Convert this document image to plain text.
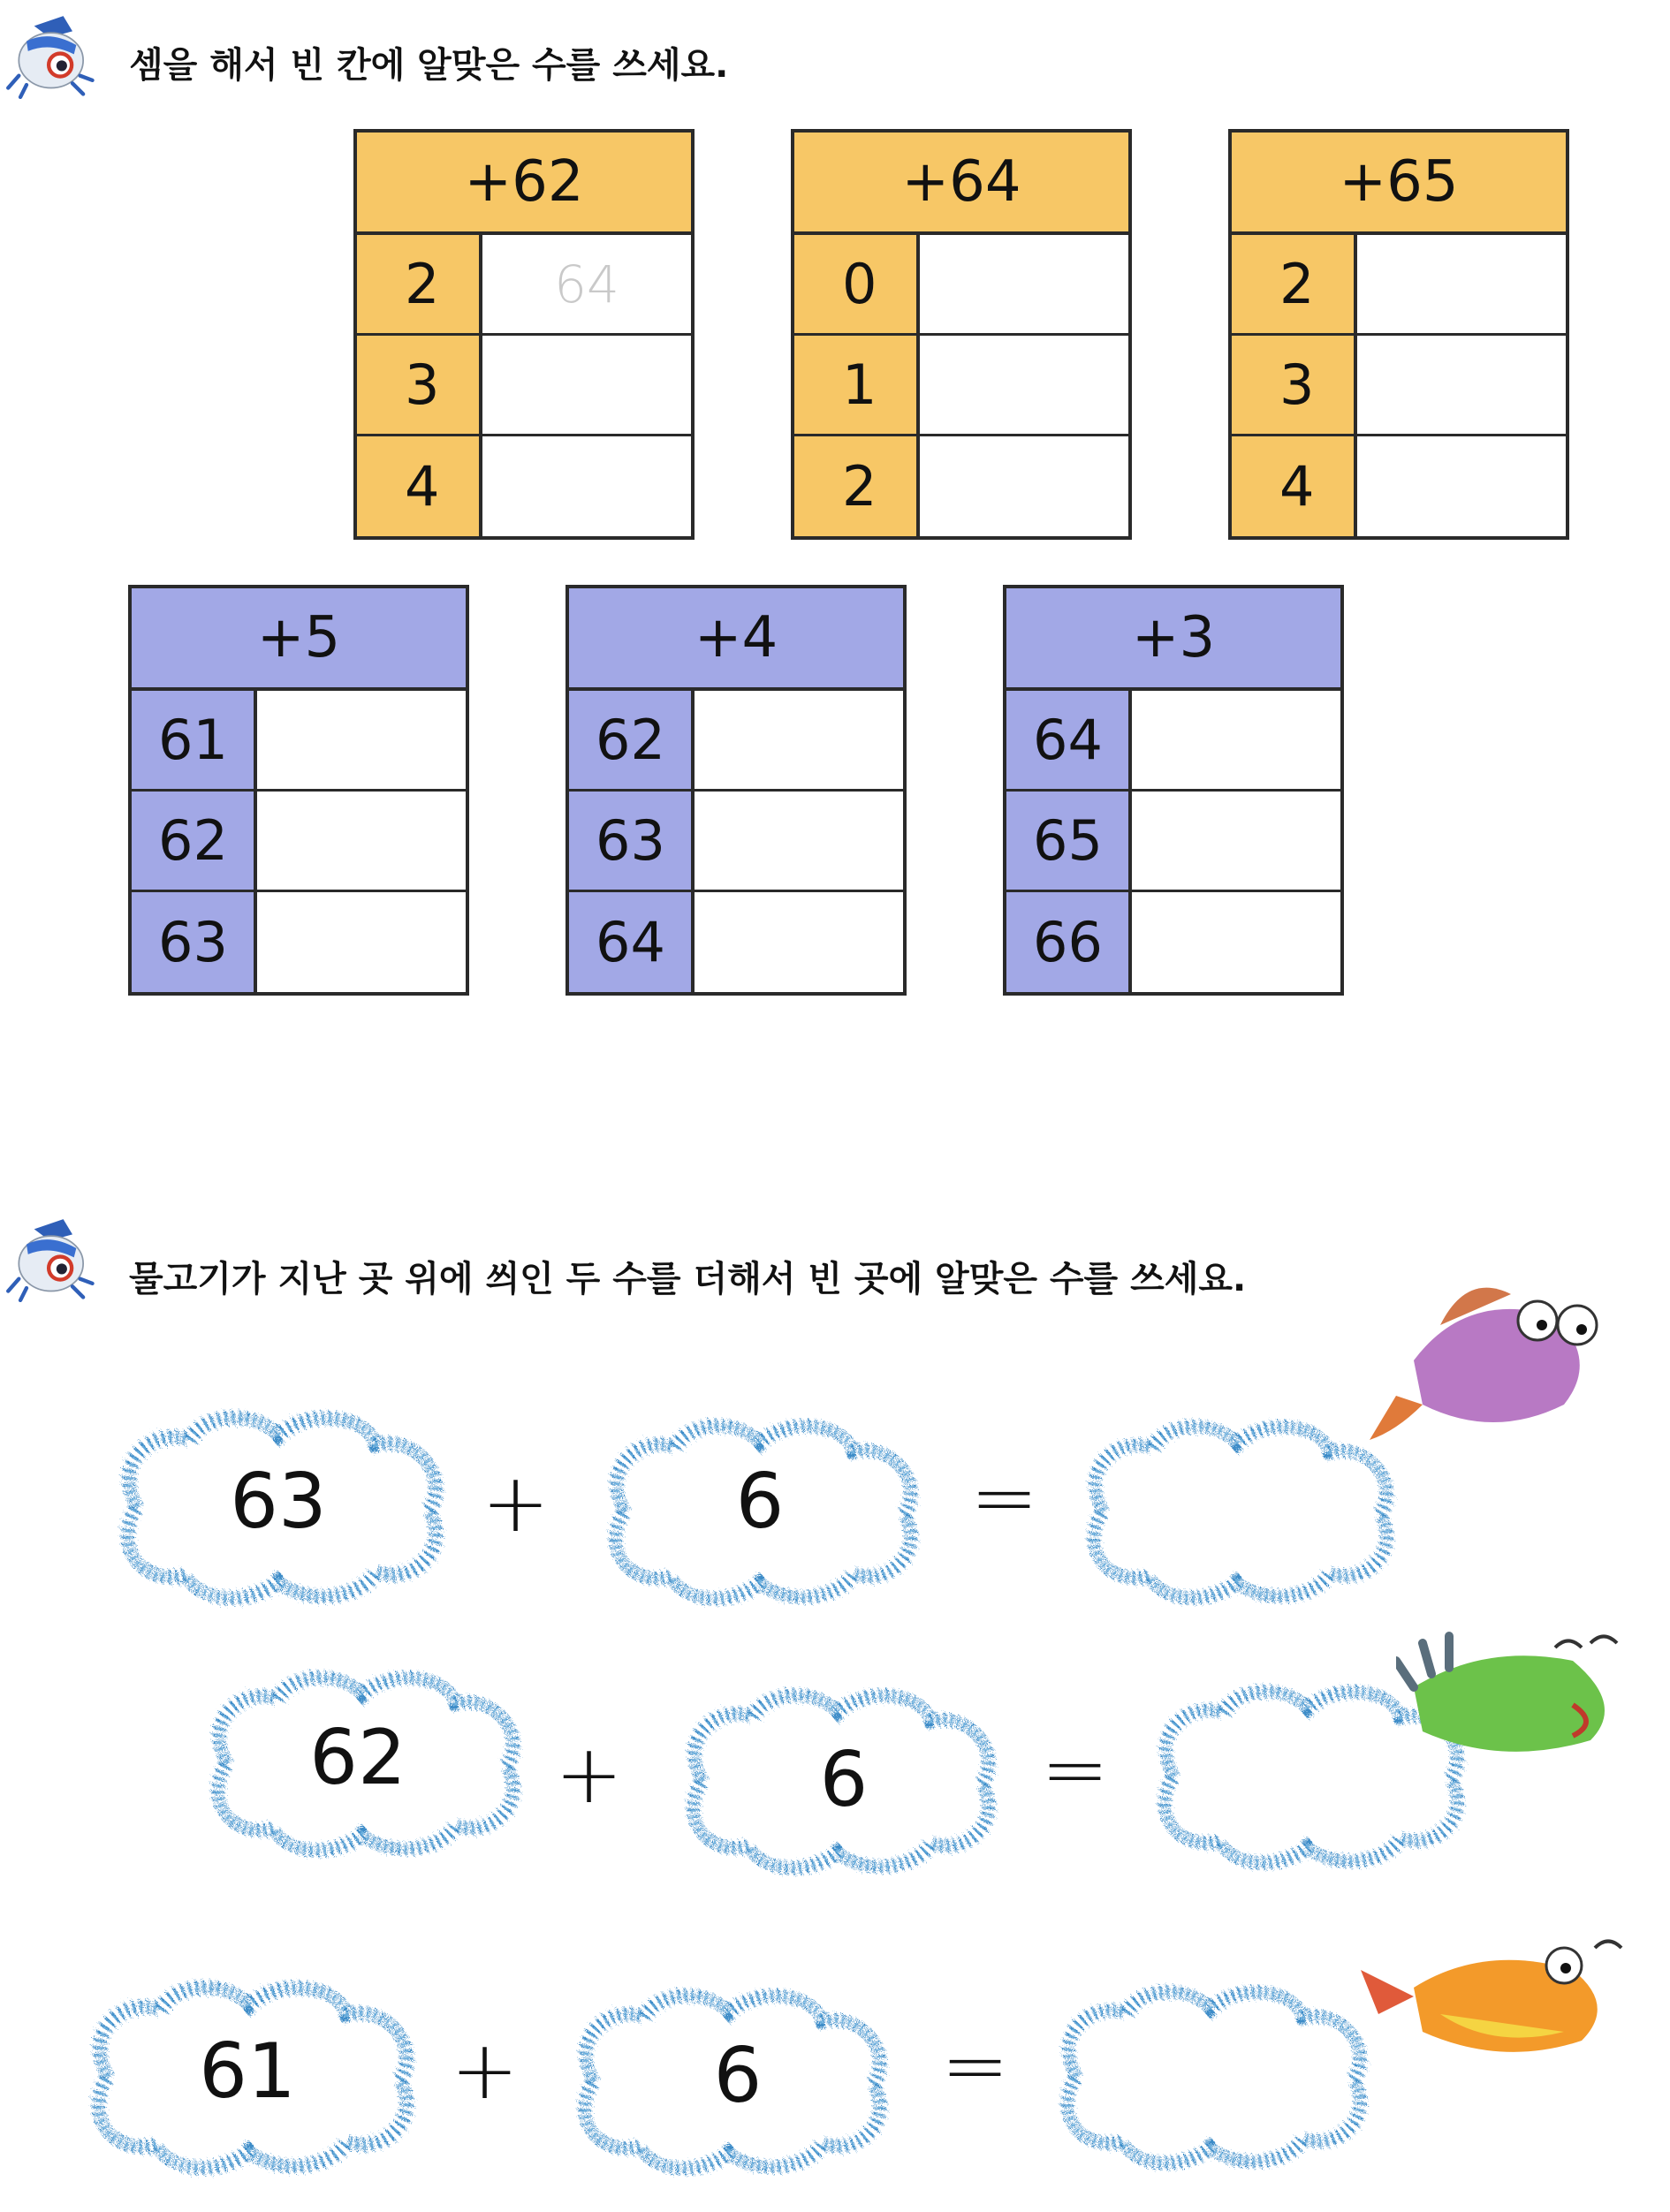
셈을 해서 빈 칸에 알맞은 수를 쓰세요.
+62
2	64
3
4
+64
0
1
2
+65
2
3
4
+5
61
62
63
+4
62
63
64
+3
64
65
66
물고기가 지난 곳 위에 씌인 두 수를 더해서 빈 곳에 알맞은 수를 쓰세요.
63	+	6	=
62	+	6	=
61	+	6	=
